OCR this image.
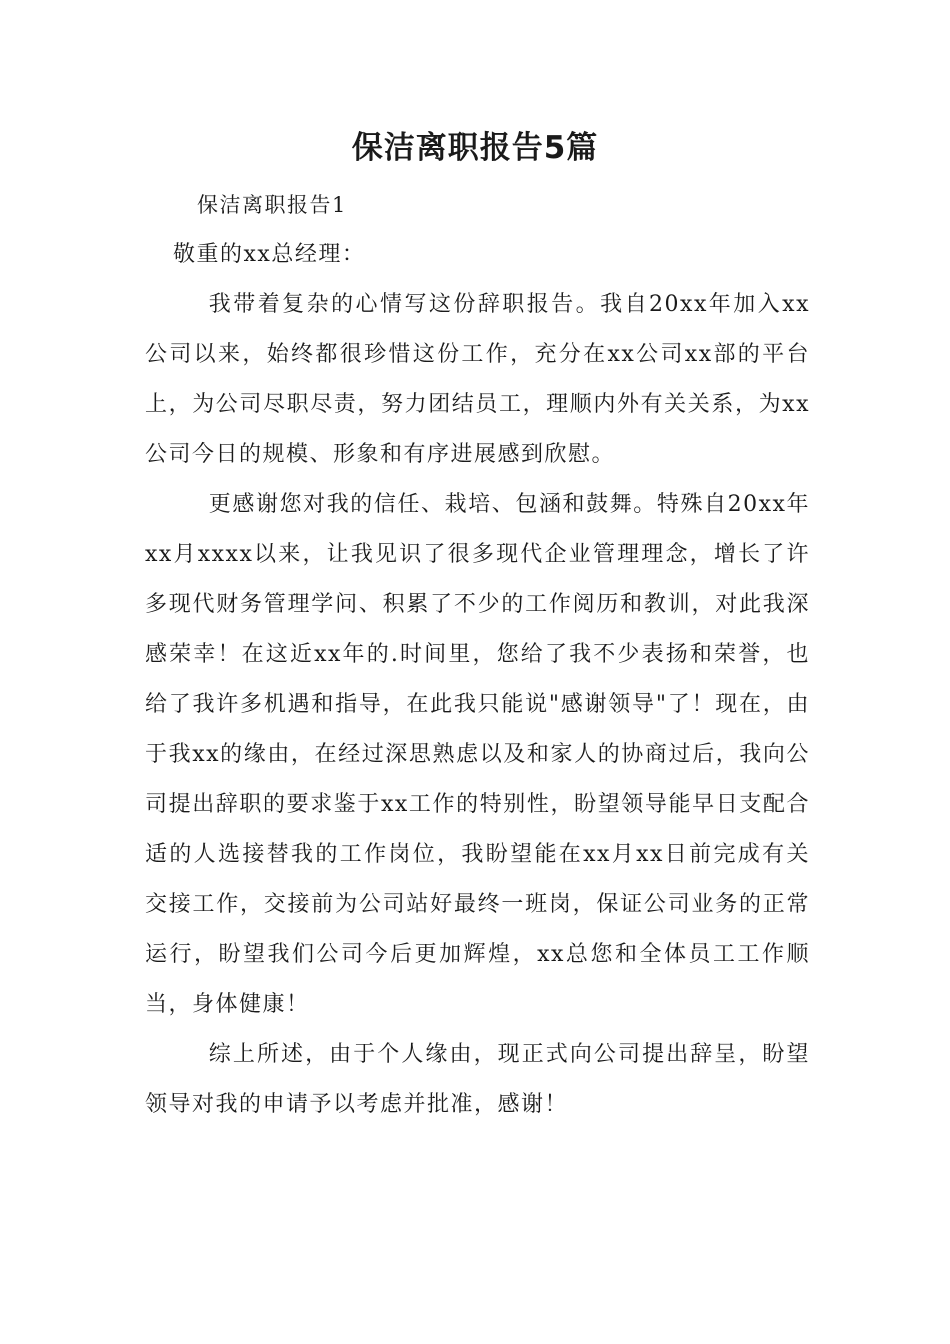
保洁离职报告5篇

保洁离职报告1

敬重的xx总经理：

我带着复杂的心情写这份辞职报告。我自20xx年加入xx公司以来，始终都很珍惜这份工作，充分在xx公司xx部的平台上，为公司尽职尽责，努力团结员工，理顺内外有关关系，为xx公司今日的规模、形象和有序进展感到欣慰。

更感谢您对我的信任、栽培、包涵和鼓舞。特殊自20xx年xx月xxxx以来，让我见识了很多现代企业管理理念，增长了许多现代财务管理学问、积累了不少的工作阅历和教训，对此我深感荣幸！在这近xx年的.时间里，您给了我不少表扬和荣誉，也给了我许多机遇和指导，在此我只能说"感谢领导"了！现在，由于我xx的缘由，在经过深思熟虑以及和家人的协商过后，我向公司提出辞职的要求鉴于xx工作的特别性，盼望领导能早日支配合适的人选接替我的工作岗位，我盼望能在xx月xx日前完成有关交接工作，交接前为公司站好最终一班岗，保证公司业务的正常运行，盼望我们公司今后更加辉煌，xx总您和全体员工工作顺当，身体健康！

综上所述，由于个人缘由，现正式向公司提出辞呈，盼望领导对我的申请予以考虑并批准，感谢！
